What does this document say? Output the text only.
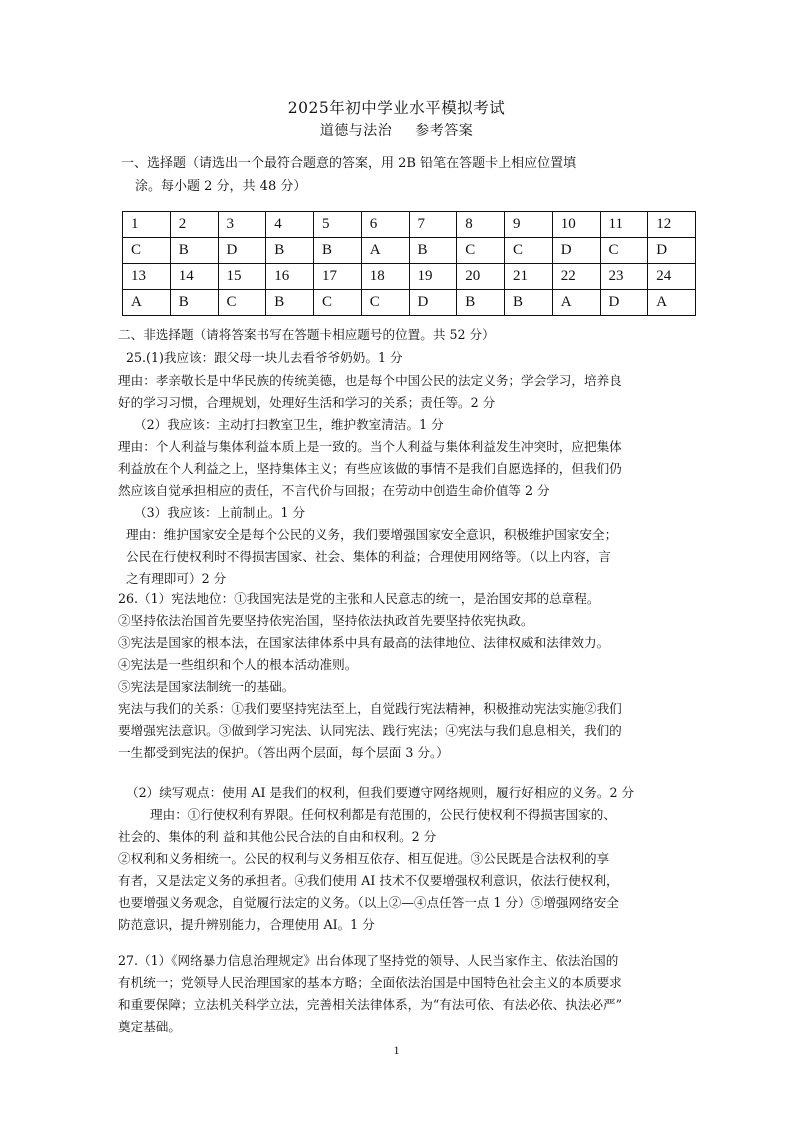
2025年初中学业水平模拟考试
道德与法治 参考答案
一、选择题（请选出一个最符合题意的答案，用 2B 铅笔在答题卡上相应位置填
涂。每小题 2 分，共 48 分）
1	2	3	4	5	6	7	8	9	10	11	12
C	B	D	B	B	A	B	C	C	D	C	D
13	14	15	16	17	18	19	20	21	22	23	24
A	B	C	B	C	C	D	B	B	A	D	A
二、非选择题（请将答案书写在答题卡相应题号的位置。共 52 分）
25.(1)我应该：跟父母一块儿去看爷爷奶奶。1 分
理由：孝亲敬长是中华民族的传统美德，也是每个中国公民的法定义务；学会学习，培养良
好的学习习惯，合理规划，处理好生活和学习的关系；责任等。2 分
（2）我应该：主动打扫教室卫生，维护教室清洁。1 分
理由：个人利益与集体利益本质上是一致的。当个人利益与集体利益发生冲突时，应把集体
利益放在个人利益之上，坚持集体主义；有些应该做的事情不是我们自愿选择的，但我们仍
然应该自觉承担相应的责任，不言代价与回报；在劳动中创造生命价值等 2 分
（3）我应该：上前制止。1 分
理由：维护国家安全是每个公民的义务，我们要增强国家安全意识，积极维护国家安全；
公民在行使权利时不得损害国家、社会、集体的利益；合理使用网络等。（以上内容，言
之有理即可）2 分
26.（1）宪法地位：①我国宪法是党的主张和人民意志的统一，是治国安邦的总章程。
②坚持依法治国首先要坚持依宪治国，坚持依法执政首先要坚持依宪执政。
③宪法是国家的根本法，在国家法律体系中具有最高的法律地位、法律权威和法律效力。
④宪法是一些组织和个人的根本活动准则。
⑤宪法是国家法制统一的基础。
宪法与我们的关系：①我们要坚持宪法至上，自觉践行宪法精神，积极推动宪法实施②我们
要增强宪法意识。③做到学习宪法、认同宪法、践行宪法；④宪法与我们息息相关，我们的
一生都受到宪法的保护。（答出两个层面，每个层面 3 分。）
（2）续写观点：使用 AI 是我们的权利，但我们要遵守网络规则，履行好相应的义务。2 分
理由：①行使权利有界限。任何权利都是有范围的，公民行使权利不得损害国家的、
社会的、集体的利 益和其他公民合法的自由和权利。2 分
②权利和义务相统一。公民的权利与义务相互依存、相互促进。③公民既是合法权利的享
有者，又是法定义务的承担者。④我们使用 AI 技术不仅要增强权利意识，依法行使权利，
也要增强义务观念，自觉履行法定的义务。（以上②—④点任答一点 1 分）⑤增强网络安全
防范意识，提升辨别能力，合理使用 AI。1 分
27.（1）《网络暴力信息治理规定》出台体现了坚持党的领导、人民当家作主、依法治国的
有机统一；党领导人民治理国家的基本方略；全面依法治国是中国特色社会主义的本质要求
和重要保障；立法机关科学立法，完善相关法律体系，为“有法可依、有法必依、执法必严”
奠定基础。
1
